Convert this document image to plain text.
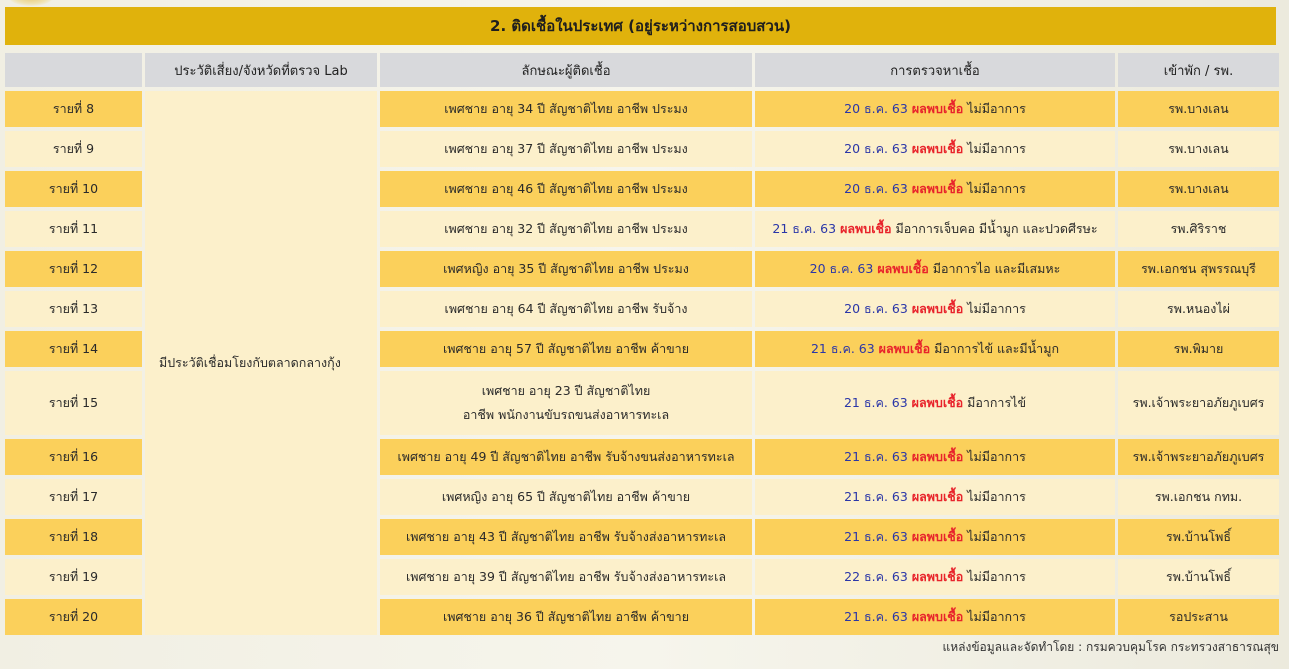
2. ติดเชื้อในประเทศ (อยู่ระหว่างการสอบสวน)
	ประวัติเสี่ยง/จังหวัดที่ตรวจ Lab	ลักษณะผู้ติดเชื้อ	การตรวจหาเชื้อ	เข้าพัก / รพ.
รายที่ 8	มีประวัติเชื่อมโยงกับตลาดกลางกุ้ง	เพศชาย อายุ 34 ปี สัญชาติไทย อาชีพ ประมง	20 ธ.ค. 63 ผลพบเชื้อ ไม่มีอาการ	รพ.บางเลน
รายที่ 9		เพศชาย อายุ 37 ปี สัญชาติไทย อาชีพ ประมง	20 ธ.ค. 63 ผลพบเชื้อ ไม่มีอาการ	รพ.บางเลน
รายที่ 10		เพศชาย อายุ 46 ปี สัญชาติไทย อาชีพ ประมง	20 ธ.ค. 63 ผลพบเชื้อ ไม่มีอาการ	รพ.บางเลน
รายที่ 11		เพศชาย อายุ 32 ปี สัญชาติไทย อาชีพ ประมง	21 ธ.ค. 63 ผลพบเชื้อ มีอาการเจ็บคอ มีน้ำมูก และปวดศีรษะ	รพ.ศิริราช
รายที่ 12		เพศหญิง อายุ 35 ปี สัญชาติไทย อาชีพ ประมง	20 ธ.ค. 63 ผลพบเชื้อ มีอาการไอ และมีเสมหะ	รพ.เอกชน สุพรรณบุรี
รายที่ 13		เพศชาย อายุ 64 ปี สัญชาติไทย อาชีพ รับจ้าง	20 ธ.ค. 63 ผลพบเชื้อ ไม่มีอาการ	รพ.หนองไผ่
รายที่ 14		เพศชาย อายุ 57 ปี สัญชาติไทย อาชีพ ค้าขาย	21 ธ.ค. 63 ผลพบเชื้อ มีอาการไข้ และมีน้ำมูก	รพ.พิมาย
รายที่ 15		เพศชาย อายุ 23 ปี สัญชาติไทย
อาชีพ พนักงานขับรถขนส่งอาหารทะเล	21 ธ.ค. 63 ผลพบเชื้อ มีอาการไข้	รพ.เจ้าพระยาอภัยภูเบศร
รายที่ 16		เพศชาย อายุ 49 ปี สัญชาติไทย อาชีพ รับจ้างขนส่งอาหารทะเล	21 ธ.ค. 63 ผลพบเชื้อ ไม่มีอาการ	รพ.เจ้าพระยาอภัยภูเบศร
รายที่ 17		เพศหญิง อายุ 65 ปี สัญชาติไทย อาชีพ ค้าขาย	21 ธ.ค. 63 ผลพบเชื้อ ไม่มีอาการ	รพ.เอกชน กทม.
รายที่ 18		เพศชาย อายุ 43 ปี สัญชาติไทย อาชีพ รับจ้างส่งอาหารทะเล	21 ธ.ค. 63 ผลพบเชื้อ ไม่มีอาการ	รพ.บ้านโพธิ์
รายที่ 19		เพศชาย อายุ 39 ปี สัญชาติไทย อาชีพ รับจ้างส่งอาหารทะเล	22 ธ.ค. 63 ผลพบเชื้อ ไม่มีอาการ	รพ.บ้านโพธิ์
รายที่ 20		เพศชาย อายุ 36 ปี สัญชาติไทย อาชีพ ค้าขาย	21 ธ.ค. 63 ผลพบเชื้อ ไม่มีอาการ	รอประสาน
แหล่งข้อมูลและจัดทำโดย : กรมควบคุมโรค กระทรวงสาธารณสุข
